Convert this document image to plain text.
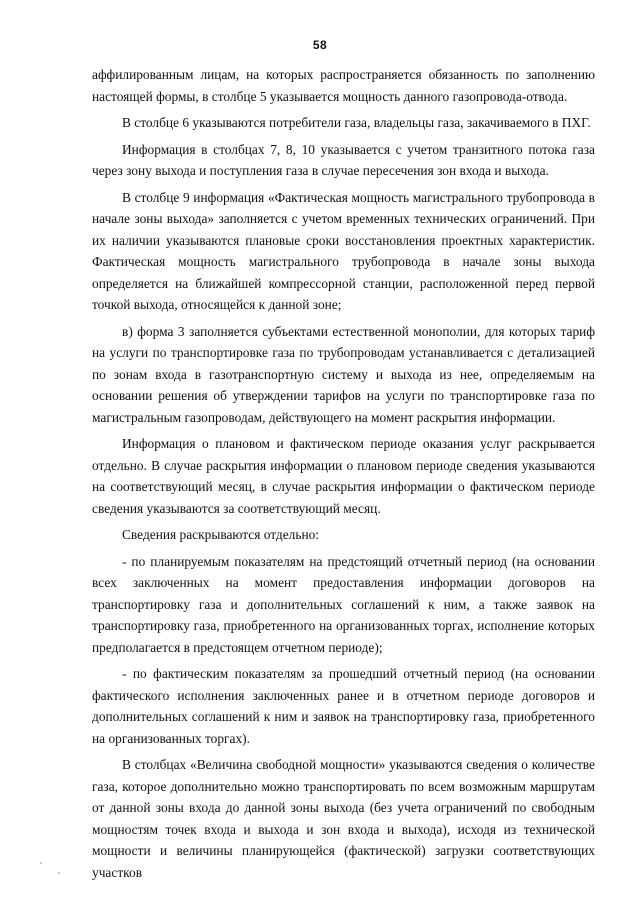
58

аффилированным лицам, на которых распространяется обязанность по заполнению настоящей формы, в столбце 5 указывается мощность данного газопровода-отвода.

В столбце 6 указываются потребители газа, владельцы газа, закачиваемого в ПХГ.

Информация в столбцах 7, 8, 10 указывается с учетом транзитного потока газа через зону выхода и поступления газа в случае пересечения зон входа и выхода.

В столбце 9 информация «Фактическая мощность магистрального трубопровода в начале зоны выхода» заполняется с учетом временных технических ограничений. При их наличии указываются плановые сроки восстановления проектных характеристик. Фактическая мощность магистрального трубопровода в начале зоны выхода определяется на ближайшей компрессорной станции, расположенной перед первой точкой выхода, относящейся к данной зоне;

в) форма 3 заполняется субъектами естественной монополии, для которых тариф на услуги по транспортировке газа по трубопроводам устанавливается с детализацией по зонам входа в газотранспортную систему и выхода из нее, определяемым на основании решения об утверждении тарифов на услуги по транспортировке газа по магистральным газопроводам, действующего на момент раскрытия информации.

Информация о плановом и фактическом периоде оказания услуг раскрывается отдельно. В случае раскрытия информации о плановом периоде сведения указываются на соответствующий месяц, в случае раскрытия информации о фактическом периоде сведения указываются за соответствующий месяц.

Сведения раскрываются отдельно:

- по планируемым показателям на предстоящий отчетный период (на основании всех заключенных на момент предоставления информации договоров на транспортировку газа и дополнительных соглашений к ним, а также заявок на транспортировку газа, приобретенного на организованных торгах, исполнение которых предполагается в предстоящем отчетном периоде);

- по фактическим показателям за прошедший отчетный период (на основании фактического исполнения заключенных ранее и в отчетном периоде договоров и дополнительных соглашений к ним и заявок на транспортировку газа, приобретенного на организованных торгах).

В столбцах «Величина свободной мощности» указываются сведения о количестве газа, которое дополнительно можно транспортировать по всем возможным маршрутам от данной зоны входа до данной зоны выхода (без учета ограничений по свободным мощностям точек входа и выхода и зон входа и выхода), исходя из технической мощности и величины планирующейся (фактической) загрузки соответствующих участков
